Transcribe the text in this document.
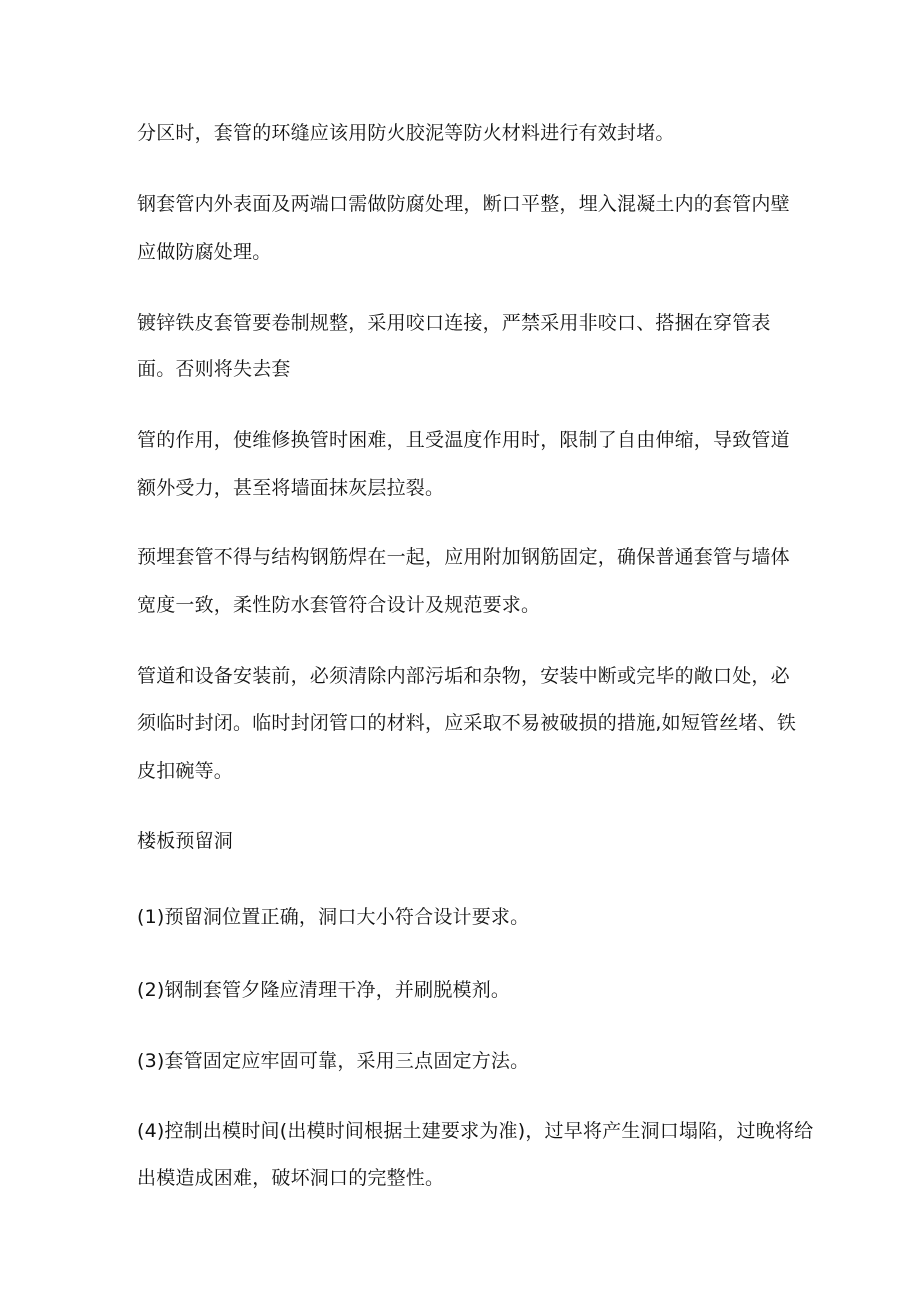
分区时，套管的环缝应该用防火胶泥等防火材料进行有效封堵。

钢套管内外表面及两端口需做防腐处理，断口平整，埋入混凝土内的套管内壁

应做防腐处理。

镀锌铁皮套管要卷制规整，采用咬口连接，严禁采用非咬口、搭捆在穿管表

面。否则将失去套

管的作用，使维修换管时困难，且受温度作用时，限制了自由伸缩，导致管道

额外受力，甚至将墙面抹灰层拉裂。

预埋套管不得与结构钢筋焊在一起，应用附加钢筋固定，确保普通套管与墙体

宽度一致，柔性防水套管符合设计及规范要求。

管道和设备安装前，必须清除内部污垢和杂物，安装中断或完毕的敞口处，必

须临时封闭。临时封闭管口的材料，应采取不易被破损的措施,如短管丝堵、铁

皮扣碗等。

楼板预留洞

(1)预留洞位置正确，洞口大小符合设计要求。

(2)钢制套管夕隆应清理干净，并刷脱模剂。

(3)套管固定应牢固可靠，采用三点固定方法。

(4)控制出模时间(出模时间根据土建要求为准)，过早将产生洞口塌陷，过晚将给

出模造成困难，破坏洞口的完整性。
